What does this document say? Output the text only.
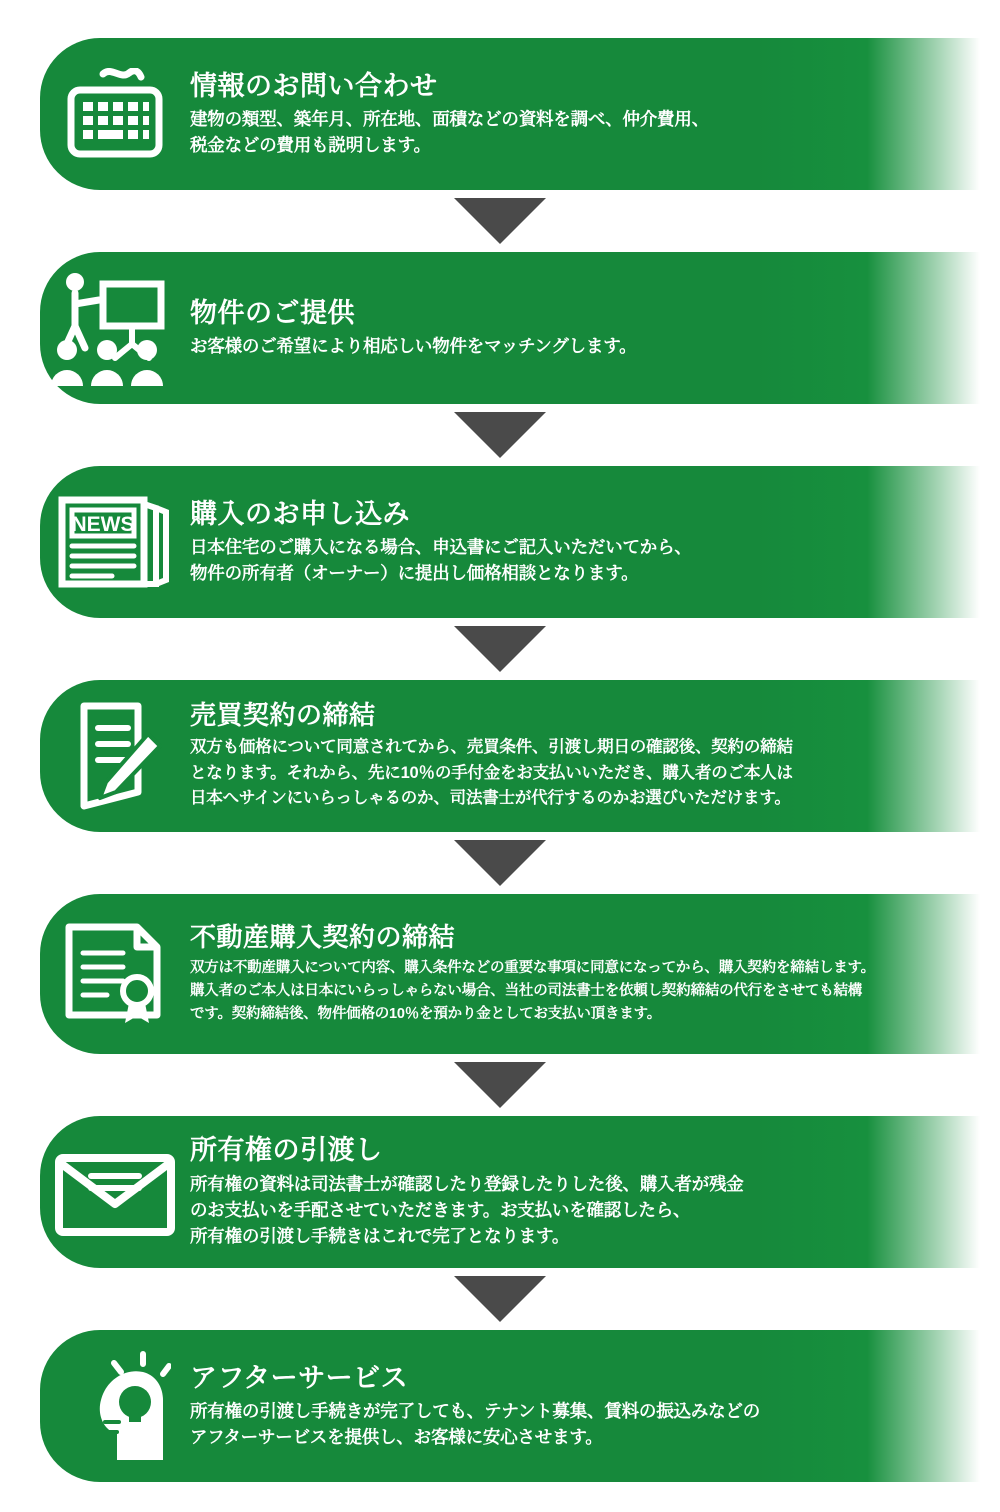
情報のお問い合わせ
建物の類型、築年月、所在地、面積などの資料を調べ、仲介費用、
税金などの費用も説明します。
物件のご提供
お客様のご希望により相応しい物件をマッチングします。
NEWS 購入のお申し込み
日本住宅のご購入になる場合、申込書にご記入いただいてから、
物件の所有者（オーナー）に提出し価格相談となります。
売買契約の締結
双方も価格について同意されてから、売買条件、引渡し期日の確認後、契約の締結
となります。それから、先に10％の手付金をお支払いいただき、購入者のご本人は
日本へサインにいらっしゃるのか、司法書士が代行するのかお選びいただけます。
不動産購入契約の締結
双方は不動産購入について内容、購入条件などの重要な事項に同意になってから、購入契約を締結します。
購入者のご本人は日本にいらっしゃらない場合、当社の司法書士を依頼し契約締結の代行をさせても結構
です。契約締結後、物件価格の10％を預かり金としてお支払い頂きます。
所有権の引渡し
所有権の資料は司法書士が確認したり登録したりした後、購入者が残金
のお支払いを手配させていただきます。お支払いを確認したら、
所有権の引渡し手続きはこれで完了となります。
アフターサービス
所有権の引渡し手続きが完了しても、テナント募集、賃料の振込みなどの
アフターサービスを提供し、お客様に安心させます。
